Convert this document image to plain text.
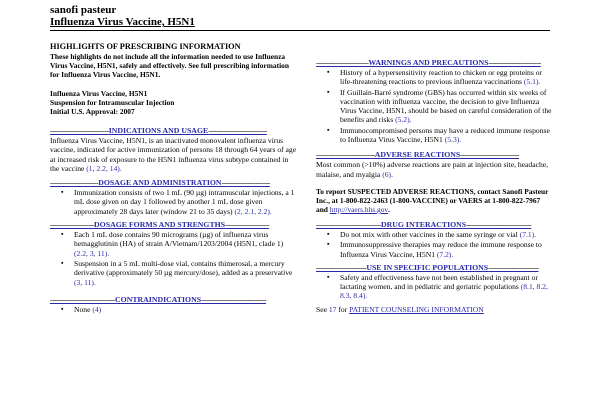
sanofi pasteur
Influenza Virus Vaccine, H5N1
HIGHLIGHTS OF PRESCRIBING INFORMATION
These highlights do not include all the information needed to use Influenza Virus Vaccine, H5N1, safely and effectively. See full prescribing information for Influenza Virus Vaccine, H5N1.
Influenza Virus Vaccine, H5N1
Suspension for Intramuscular Injection
Initial U.S. Approval: 2007
----------------------------INDICATIONS AND USAGE----------------------------
Influenza Virus Vaccine, H5N1, is an inactivated monovalent influenza virus vaccine, indicated for active immunization of persons 18 through 64 years of age at increased risk of exposure to the H5N1 influenza virus subtype contained in the vaccine (1, 2.2, 14).
-----------------------DOSAGE AND ADMINISTRATION-----------------------
▪ Immunization consists of two 1 mL (90 µg) intramuscular injections, a 1 mL dose given on day 1 followed by another 1 mL dose given approximately 28 days later (window 21 to 35 days) (2, 2.1, 2.2).
---------------------DOSAGE FORMS AND STRENGTHS---------------------
▪ Each 1 mL dose contains 90 micrograms (µg) of influenza virus hemagglutinin (HA) of strain A/Vietnam/1203/2004 (H5N1, clade 1) (2.2, 3, 11).
▪ Suspension in a 5 mL multi-dose vial, contains thimerosal, a mercury derivative (approximately 50 µg mercury/dose), added as a preservative (3, 11).
-------------------------------CONTRAINDICATIONS-------------------------------
▪ None (4)
-------------------------WARNINGS AND PRECAUTIONS-------------------------
▪ History of a hypersensitivity reaction to chicken or egg proteins or life-threatening reactions to previous influenza vaccinations (5.1).
▪ If Guillain-Barré syndrome (GBS) has occurred within six weeks of vaccination with influenza vaccine, the decision to give Influenza Virus Vaccine, H5N1, should be based on careful consideration of the benefits and risks (5.2).
▪ Immunocompromised persons may have a reduced immune response to Influenza Virus Vaccine, H5N1 (5.3).
----------------------------ADVERSE REACTIONS----------------------------
Most common (>10%) adverse reactions are pain at injection site, headache, malaise, and myalgia (6).
To report SUSPECTED ADVERSE REACTIONS, contact Sanofi Pasteur Inc., at 1-800-822-2463 (1-800-VACCINE) or VAERS at 1-800-822-7967 and http://vaers.hhs.gov.
-------------------------------DRUG INTERACTIONS-------------------------------
▪ Do not mix with other vaccines in the same syringe or vial (7.1).
▪ Immunosuppressive therapies may reduce the immune response to Influenza Virus Vaccine, H5N1 (7.2).
------------------------USE IN SPECIFIC POPULATIONS------------------------
▪ Safety and effectiveness have not been established in pregnant or lactating women, and in pediatric and geriatric populations (8.1, 8.2, 8.3, 8.4).
See 17 for PATIENT COUNSELING INFORMATION
